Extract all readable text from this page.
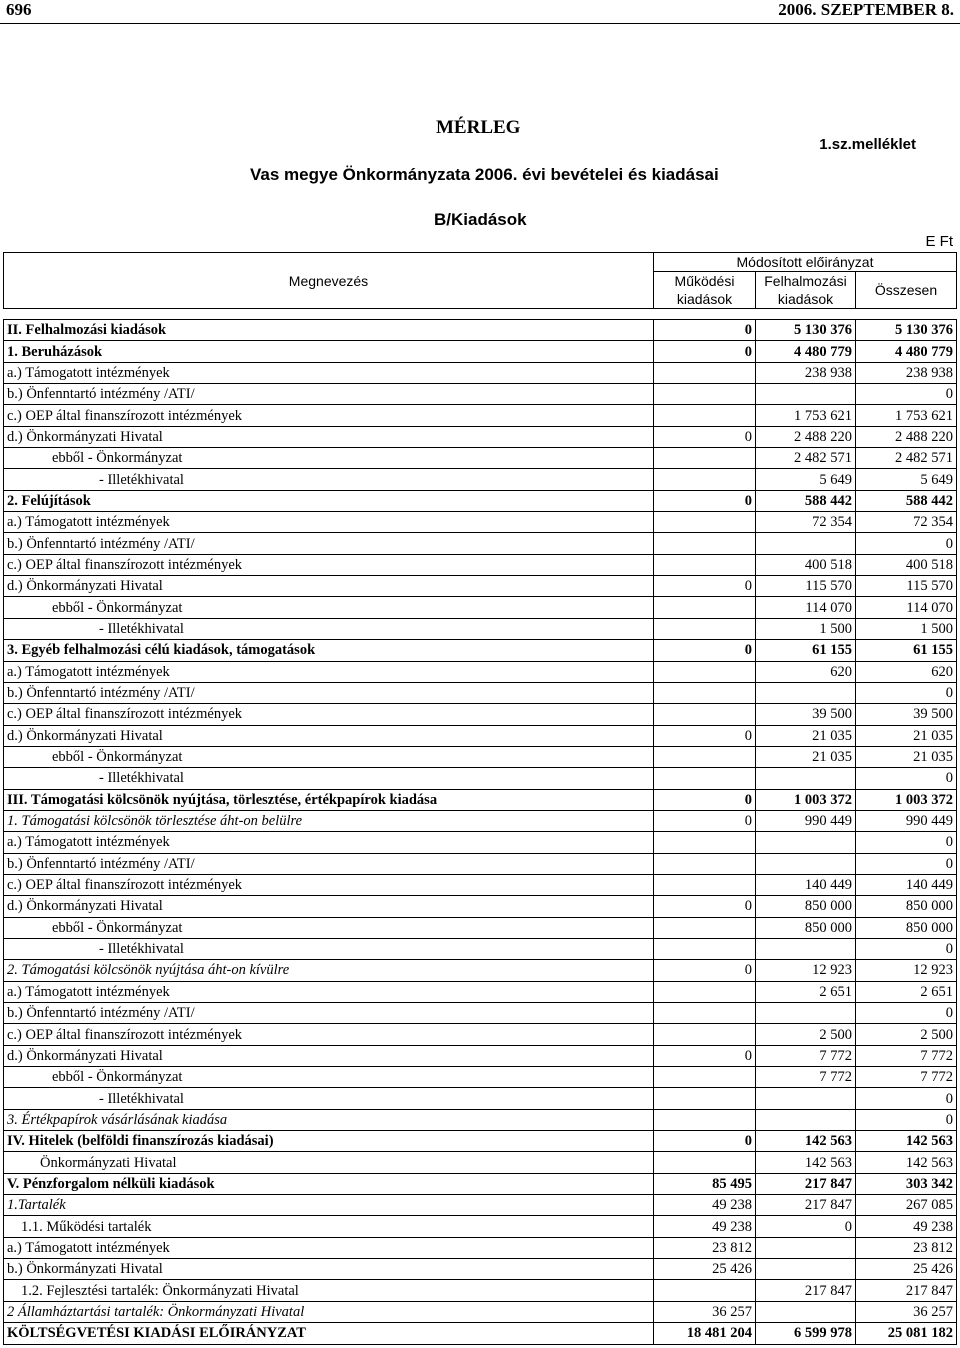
696	2006. SZEPTEMBER 8.
MÉRLEG
1.sz.melléklet
Vas megye Önkormányzata 2006. évi bevételei és kiadásai
B/Kiadások
E Ft
Megnevezés	Módosított előirányzat		
	Működési	Felhalmozási	Összesen
	kiadások	kiadások	
II. Felhalmozási kiadások	0	5 130 376	5 130 376
1. Beruházások	0	4 480 779	4 480 779
a.) Támogatott intézmények		238 938	238 938
b.) Önfenntartó intézmény /ATI/			0
c.) OEP által finanszírozott intézmények		1 753 621	1 753 621
d.) Önkormányzati Hivatal	0	2 488 220	2 488 220
ebből - Önkormányzat		2 482 571	2 482 571
- Illetékhivatal		5 649	5 649
2. Felújítások	0	588 442	588 442
a.) Támogatott intézmények		72 354	72 354
b.) Önfenntartó intézmény /ATI/			0
c.) OEP által finanszírozott intézmények		400 518	400 518
d.) Önkormányzati Hivatal	0	115 570	115 570
ebből - Önkormányzat		114 070	114 070
- Illetékhivatal		1 500	1 500
3. Egyéb felhalmozási célú kiadások, támogatások	0	61 155	61 155
a.) Támogatott intézmények		620	620
b.) Önfenntartó intézmény /ATI/			0
c.) OEP által finanszírozott intézmények		39 500	39 500
d.) Önkormányzati Hivatal	0	21 035	21 035
ebből - Önkormányzat		21 035	21 035
- Illetékhivatal			0
III. Támogatási kölcsönök nyújtása, törlesztése, értékpapírok kiadása	0	1 003 372	1 003 372
1. Támogatási kölcsönök törlesztése áht-on belülre	0	990 449	990 449
a.) Támogatott intézmények			0
b.) Önfenntartó intézmény /ATI/			0
c.) OEP által finanszírozott intézmények		140 449	140 449
d.) Önkormányzati Hivatal	0	850 000	850 000
ebből - Önkormányzat		850 000	850 000
- Illetékhivatal			0
2. Támogatási kölcsönök nyújtása áht-on kívülre	0	12 923	12 923
a.) Támogatott intézmények		2 651	2 651
b.) Önfenntartó intézmény /ATI/			0
c.) OEP által finanszírozott intézmények		2 500	2 500
d.) Önkormányzati Hivatal	0	7 772	7 772
ebből - Önkormányzat		7 772	7 772
- Illetékhivatal			0
3. Értékpapírok vásárlásának kiadása			0
IV. Hitelek (belföldi finanszírozás kiadásai)	0	142 563	142 563
Önkormányzati Hivatal		142 563	142 563
V. Pénzforgalom nélküli kiadások	85 495	217 847	303 342
1.Tartalék	49 238	217 847	267 085
1.1. Működési tartalék	49 238	0	49 238
a.) Támogatott intézmények	23 812		23 812
b.) Önkormányzati Hivatal	25 426		25 426
1.2. Fejlesztési tartalék: Önkormányzati Hivatal		217 847	217 847
2 Államháztartási tartalék: Önkormányzati Hivatal	36 257		36 257
KÖLTSÉGVETÉSI KIADÁSI ELŐIRÁNYZAT	18 481 204	6 599 978	25 081 182
